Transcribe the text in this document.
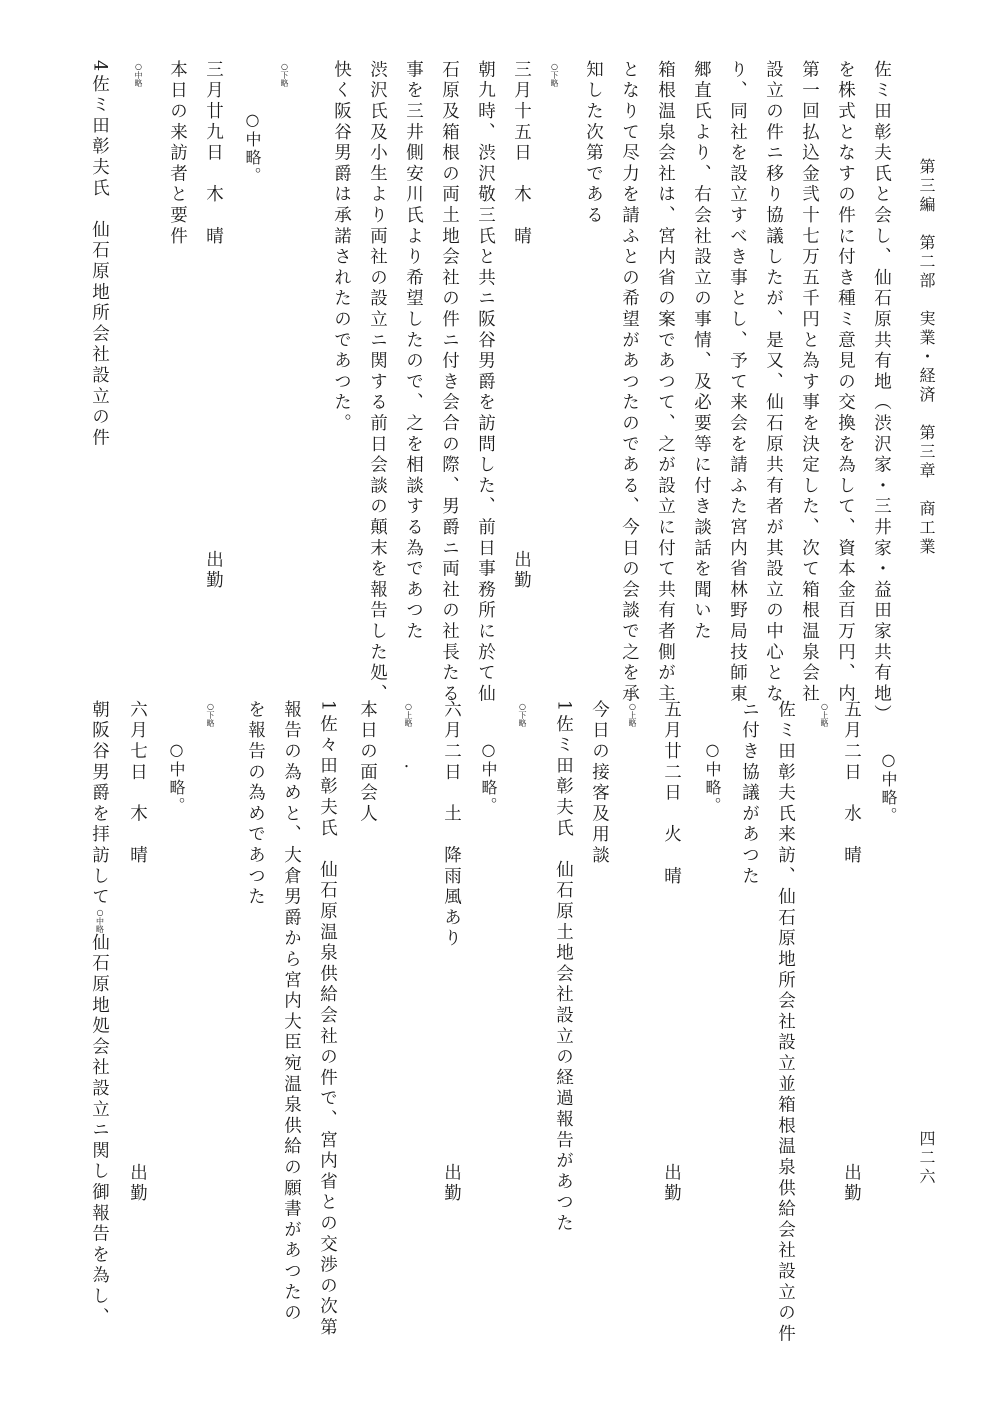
第三編　第二部　実業・経済　第三章　商工業
四二六
佐ミ田彰夫氏と会し、仙石原共有地（渋沢家・三井家・益田家共有地）
を株式となすの件に付き種ミ意見の交換を為して、資本金百万円、内
第一回払込金弐十七万五千円と為す事を決定した、次て箱根温泉会社
設立の件ニ移り協議したが、是又、仙石原共有者が其設立の中心とな
り、同社を設立すべき事とし、予て来会を請ふた宮内省林野局技師東
郷直氏より、右会社設立の事情、及必要等に付き談話を聞いた
箱根温泉会社は、宮内省の案であつて、之が設立に付て共有者側が主
となりて尽力を請ふとの希望があつたのである、今日の会談で之を承
知した次第である
○下略
三月十五日　木　晴
出勤
朝九時、渋沢敬三氏と共ニ阪谷男爵を訪問した、前日事務所に於て仙
石原及箱根の両土地会社の件ニ付き会合の際、男爵ニ両社の社長たる
事を三井側安川氏より希望したので、之を相談する為であつた
渋沢氏及小生より両社の設立ニ関する前日会談の顛末を報告した処、
快く阪谷男爵は承諾されたのであつた。
○下略
○中略。
三月廿九日　木　晴
出勤
本日の来訪者と要件
○中略
4佐ミ田彰夫氏　仙石原地所会社設立の件
○中略。
五月二日　水　晴
出勤
○上略
佐ミ田彰夫氏来訪、仙石原地所会社設立並箱根温泉供給会社設立の件
ニ付き協議があつた
○中略。
五月廿二日　火　晴
出勤
○上略
今日の接客及用談
1佐ミ田彰夫氏　仙石原土地会社設立の経過報告があつた
○下略
○中略。
六月二日　土　降雨風あり
出勤
○上略
・
本日の面会人
1佐々田彰夫氏　仙石原温泉供給会社の件で、宮内省との交渉の次第
報告の為めと、大倉男爵から宮内大臣宛温泉供給の願書があつたの
を報告の為めであつた
○下略
○中略。
六月七日　木　晴
出勤
朝阪谷男爵を拝訪して○中略仙石原地処会社設立ニ関し御報告を為し、
